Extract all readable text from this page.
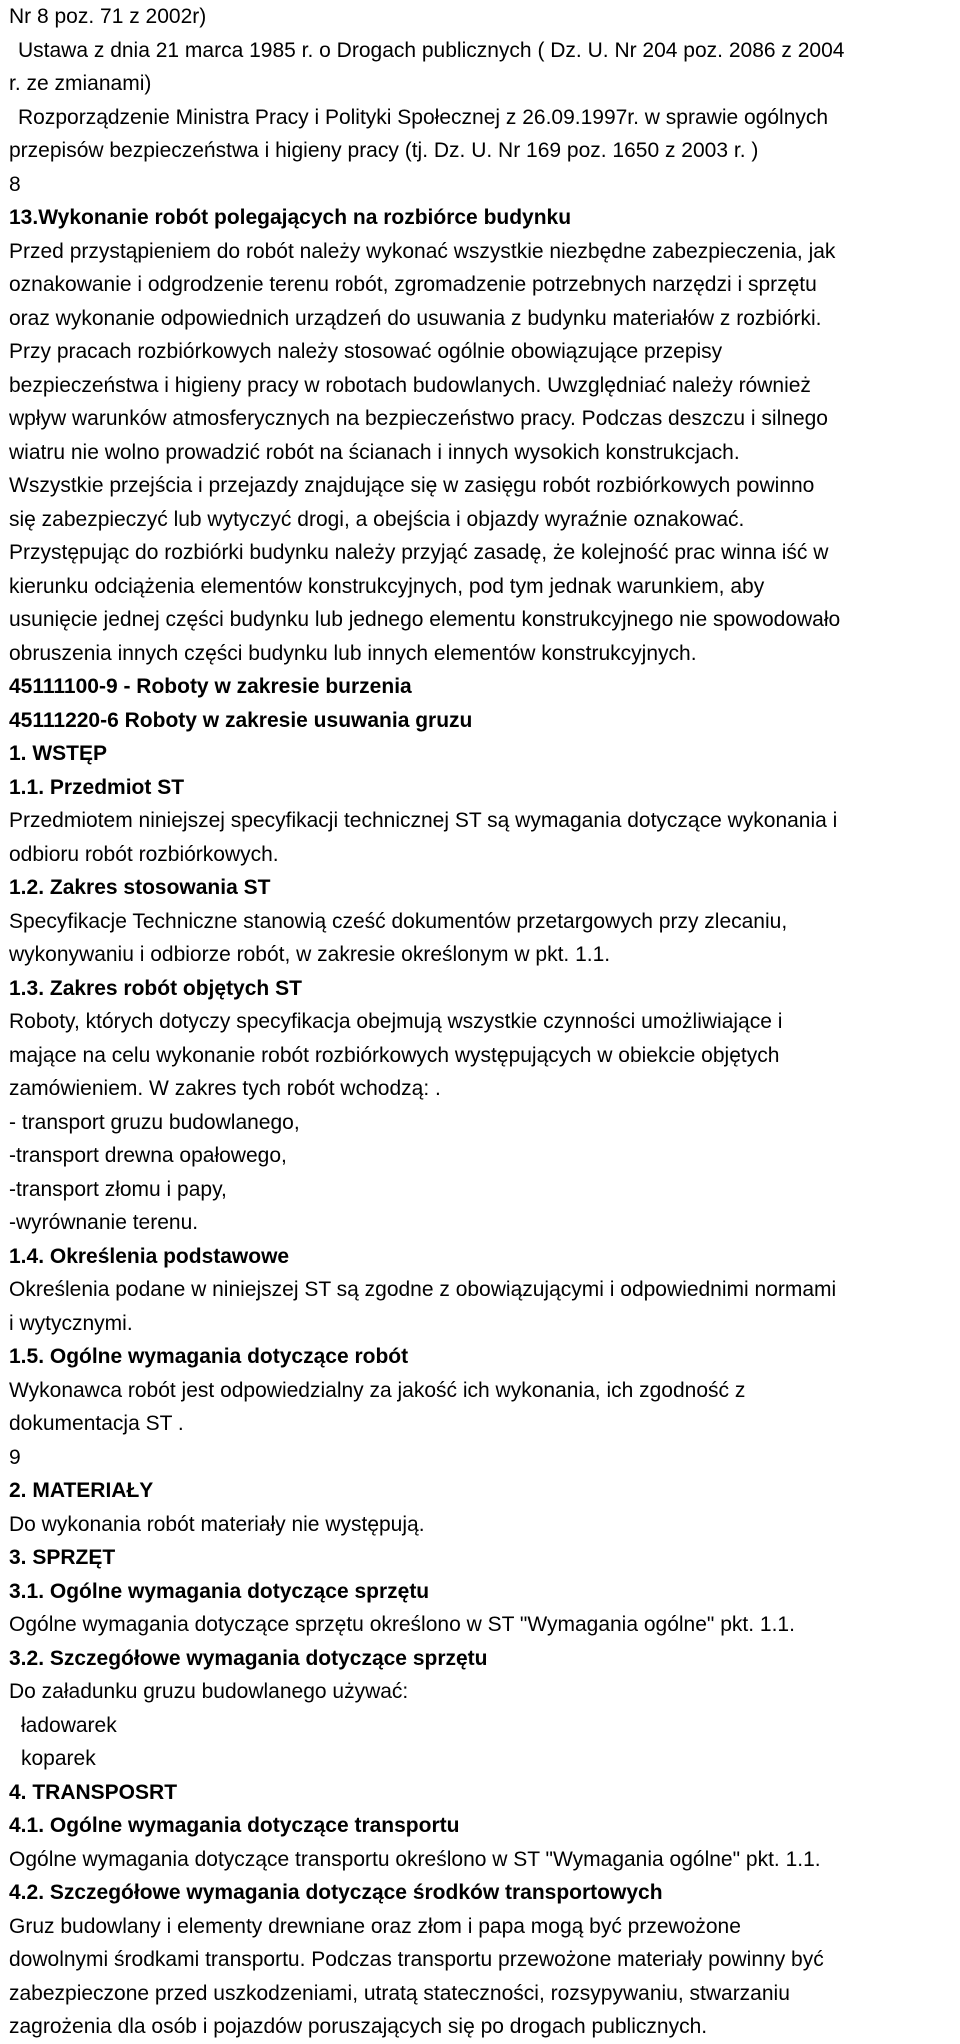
Nr 8 poz. 71 z 2002r)
Ustawa z dnia 21 marca 1985 r. o Drogach publicznych ( Dz. U. Nr 204 poz. 2086 z 2004
r. ze zmianami)
Rozporządzenie Ministra Pracy i Polityki Społecznej z 26.09.1997r. w sprawie ogólnych
przepisów bezpieczeństwa i higieny pracy (tj. Dz. U. Nr 169 poz. 1650 z 2003 r. )
8
13.Wykonanie robót polegających na rozbiórce budynku
Przed przystąpieniem do robót należy wykonać wszystkie niezbędne zabezpieczenia, jak
oznakowanie i odgrodzenie terenu robót, zgromadzenie potrzebnych narzędzi i sprzętu
oraz wykonanie odpowiednich urządzeń do usuwania z budynku materiałów z rozbiórki.
Przy pracach rozbiórkowych należy stosować ogólnie obowiązujące przepisy
bezpieczeństwa i higieny pracy w robotach budowlanych. Uwzględniać należy również
wpływ warunków atmosferycznych na bezpieczeństwo pracy. Podczas deszczu i silnego
wiatru nie wolno prowadzić robót na ścianach i innych wysokich konstrukcjach.
Wszystkie przejścia i przejazdy znajdujące się w zasięgu robót rozbiórkowych powinno
się zabezpieczyć lub wytyczyć drogi, a obejścia i objazdy wyraźnie oznakować.
Przystępując do rozbiórki budynku należy przyjąć zasadę, że kolejność prac winna iść w
kierunku odciążenia elementów konstrukcyjnych, pod tym jednak warunkiem, aby
usunięcie jednej części budynku lub jednego elementu konstrukcyjnego nie spowodowało
obruszenia innych części budynku lub innych elementów konstrukcyjnych.
45111100-9 - Roboty w zakresie burzenia
45111220-6 Roboty w zakresie usuwania gruzu
1. WSTĘP
1.1. Przedmiot ST
Przedmiotem niniejszej specyfikacji technicznej ST są wymagania dotyczące wykonania i
odbioru robót rozbiórkowych.
1.2. Zakres stosowania ST
Specyfikacje Techniczne stanowią cześć dokumentów przetargowych przy zlecaniu,
wykonywaniu i odbiorze robót, w zakresie określonym w pkt. 1.1.
1.3. Zakres robót objętych ST
Roboty, których dotyczy specyfikacja obejmują wszystkie czynności umożliwiające i
mające na celu wykonanie robót rozbiórkowych występujących w obiekcie objętych
zamówieniem. W zakres tych robót wchodzą: .
- transport gruzu budowlanego,
-transport drewna opałowego,
-transport złomu i papy,
-wyrównanie terenu.
1.4. Określenia podstawowe
Określenia podane w niniejszej ST są zgodne z obowiązującymi i odpowiednimi normami
i wytycznymi.
1.5. Ogólne wymagania dotyczące robót
Wykonawca robót jest odpowiedzialny za jakość ich wykonania, ich zgodność z
dokumentacja ST .
9
2. MATERIAŁY
Do wykonania robót materiały nie występują.
3. SPRZĘT
3.1. Ogólne wymagania dotyczące sprzętu
Ogólne wymagania dotyczące sprzętu określono w ST "Wymagania ogólne" pkt. 1.1.
3.2. Szczegółowe wymagania dotyczące sprzętu
Do załadunku gruzu budowlanego używać:
ładowarek
koparek
4. TRANSPOSRT
4.1. Ogólne wymagania dotyczące transportu
Ogólne wymagania dotyczące transportu określono w ST "Wymagania ogólne" pkt. 1.1.
4.2. Szczegółowe wymagania dotyczące środków transportowych
Gruz budowlany i elementy drewniane oraz złom i papa mogą być przewożone
dowolnymi środkami transportu. Podczas transportu przewożone materiały powinny być
zabezpieczone przed uszkodzeniami, utratą stateczności, rozsypywaniu, stwarzaniu
zagrożenia dla osób i pojazdów poruszających się po drogach publicznych.
